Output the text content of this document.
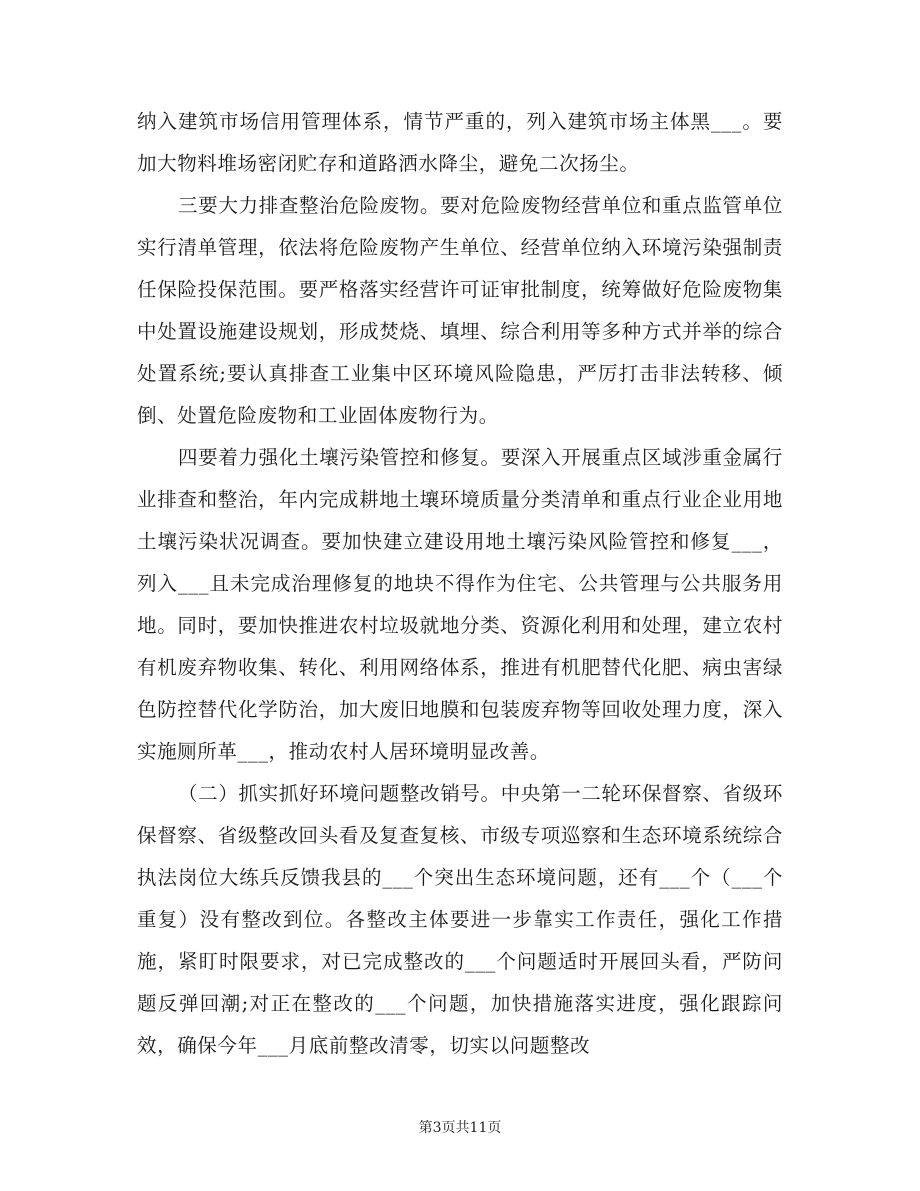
纳入建筑市场信用管理体系，情节严重的，列入建筑市场主体黑___。要加大物料堆场密闭贮存和道路洒水降尘，避免二次扬尘。

三要大力排查整治危险废物。要对危险废物经营单位和重点监管单位实行清单管理，依法将危险废物产生单位、经营单位纳入环境污染强制责任保险投保范围。要严格落实经营许可证审批制度，统筹做好危险废物集中处置设施建设规划，形成焚烧、填埋、综合利用等多种方式并举的综合处置系统;要认真排查工业集中区环境风险隐患，严厉打击非法转移、倾倒、处置危险废物和工业固体废物行为。

四要着力强化土壤污染管控和修复。要深入开展重点区域涉重金属行业排查和整治，年内完成耕地土壤环境质量分类清单和重点行业企业用地土壤污染状况调查。要加快建立建设用地土壤污染风险管控和修复___，列入___且未完成治理修复的地块不得作为住宅、公共管理与公共服务用地。同时，要加快推进农村垃圾就地分类、资源化利用和处理，建立农村有机废弃物收集、转化、利用网络体系，推进有机肥替代化肥、病虫害绿色防控替代化学防治，加大废旧地膜和包装废弃物等回收处理力度，深入实施厕所革___，推动农村人居环境明显改善。

（二）抓实抓好环境问题整改销号。中央第一二轮环保督察、省级环保督察、省级整改回头看及复查复核、市级专项巡察和生态环境系统综合执法岗位大练兵反馈我县的___个突出生态环境问题，还有___个（___个重复）没有整改到位。各整改主体要进一步靠实工作责任，强化工作措施，紧盯时限要求，对已完成整改的___个问题适时开展回头看，严防问题反弹回潮;对正在整改的___个问题，加快措施落实进度，强化跟踪问效，确保今年___月底前整改清零，切实以问题整改

第3页共11页
